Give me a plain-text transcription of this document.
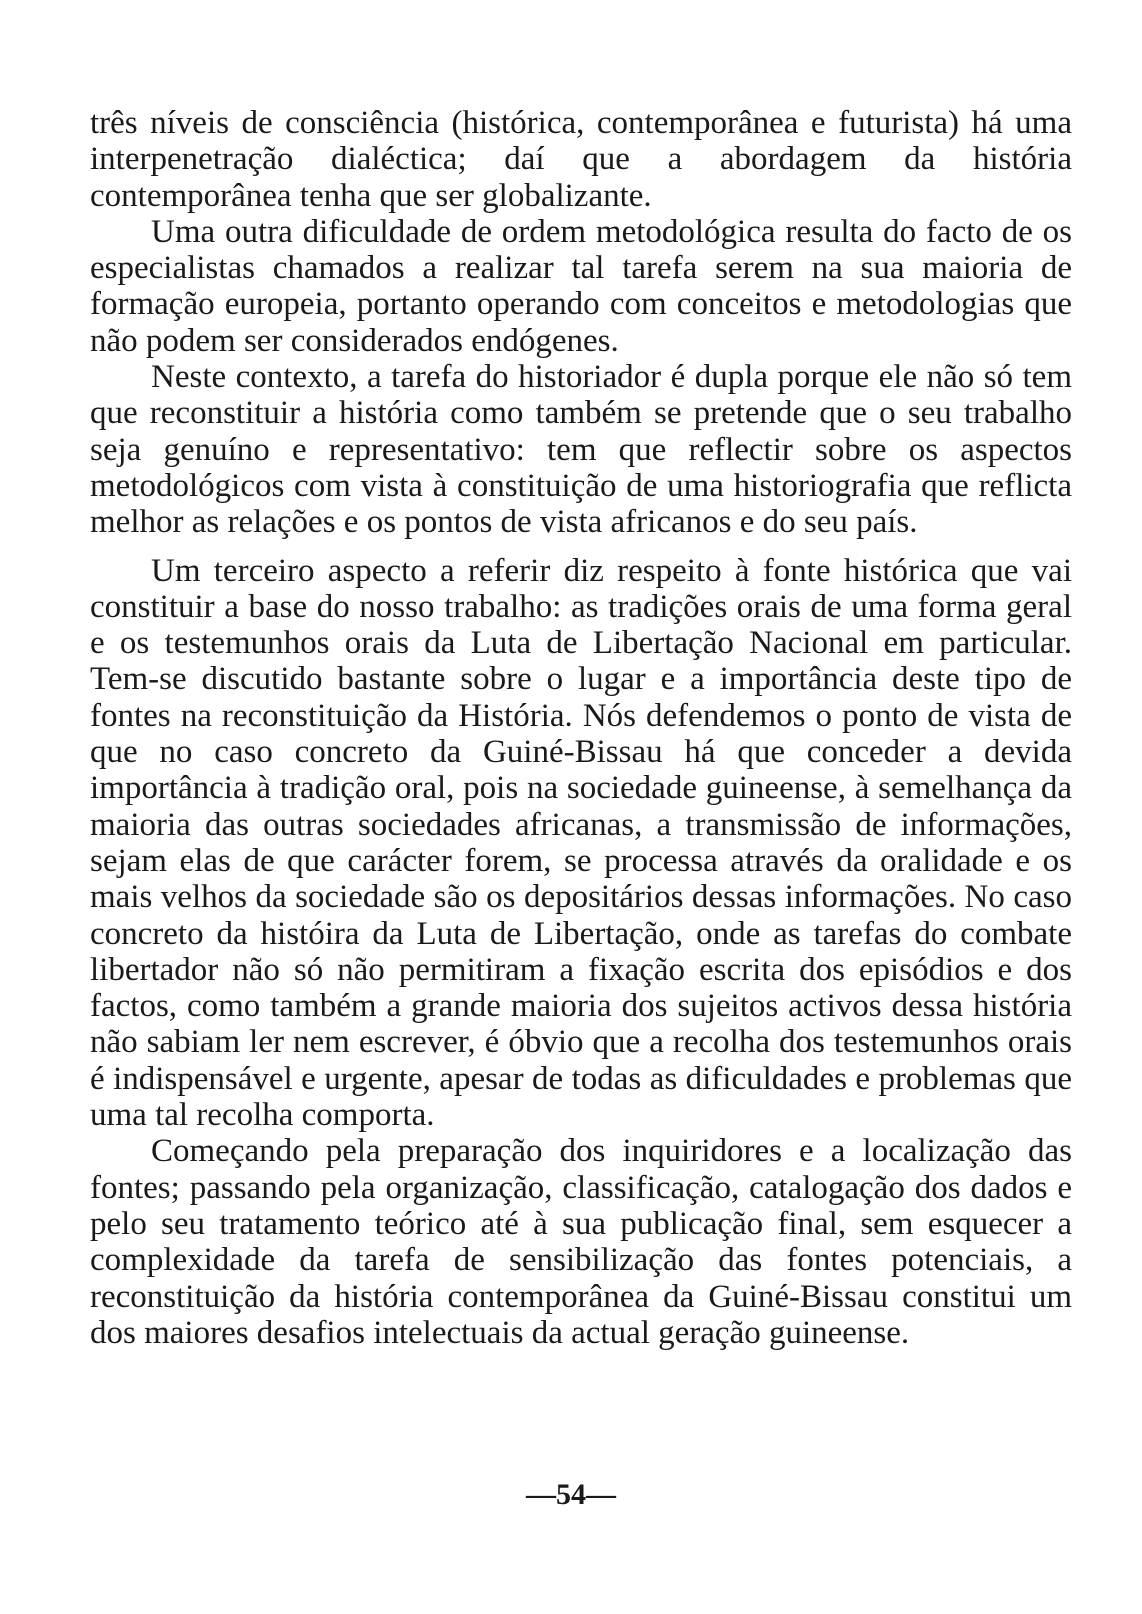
três níveis de consciência (histórica, contemporânea e futurista) há uma interpenetração dialéctica; daí que a abordagem da história contemporânea tenha que ser globalizante.

Uma outra dificuldade de ordem metodológica resulta do facto de os especialistas chamados a realizar tal tarefa serem na sua maioria de formação europeia, portanto operando com conceitos e metodologias que não podem ser considerados endógenes.

Neste contexto, a tarefa do historiador é dupla porque ele não só tem que reconstituir a história como também se pretende que o seu trabalho seja genuíno e representativo: tem que reflectir sobre os aspectos metodológicos com vista à constituição de uma historiografia que reflicta melhor as relações e os pontos de vista africanos e do seu país.

Um terceiro aspecto a referir diz respeito à fonte histórica que vai constituir a base do nosso trabalho: as tradições orais de uma forma geral e os testemunhos orais da Luta de Libertação Nacional em particular. Tem-se discutido bastante sobre o lugar e a importância deste tipo de fontes na reconstituição da História. Nós defendemos o ponto de vista de que no caso concreto da Guiné-Bissau há que conceder a devida importância à tradição oral, pois na sociedade guineense, à semelhança da maioria das outras sociedades africanas, a transmissão de informações, sejam elas de que carácter forem, se processa através da oralidade e os mais velhos da sociedade são os depositários dessas informações. No caso concreto da históira da Luta de Libertação, onde as tarefas do combate libertador não só não permitiram a fixação escrita dos episódios e dos factos, como também a grande maioria dos sujeitos activos dessa história não sabiam ler nem escrever, é óbvio que a recolha dos testemunhos orais é indispensável e urgente, apesar de todas as dificuldades e problemas que uma tal recolha comporta.

Começando pela preparação dos inquiridores e a localização das fontes; passando pela organização, classificação, catalogação dos dados e pelo seu tratamento teórico até à sua publicação final, sem esquecer a complexidade da tarefa de sensibilização das fontes potenciais, a reconstituição da história contemporânea da Guiné-Bissau constitui um dos maiores desafios intelectuais da actual geração guineense.

—54—
